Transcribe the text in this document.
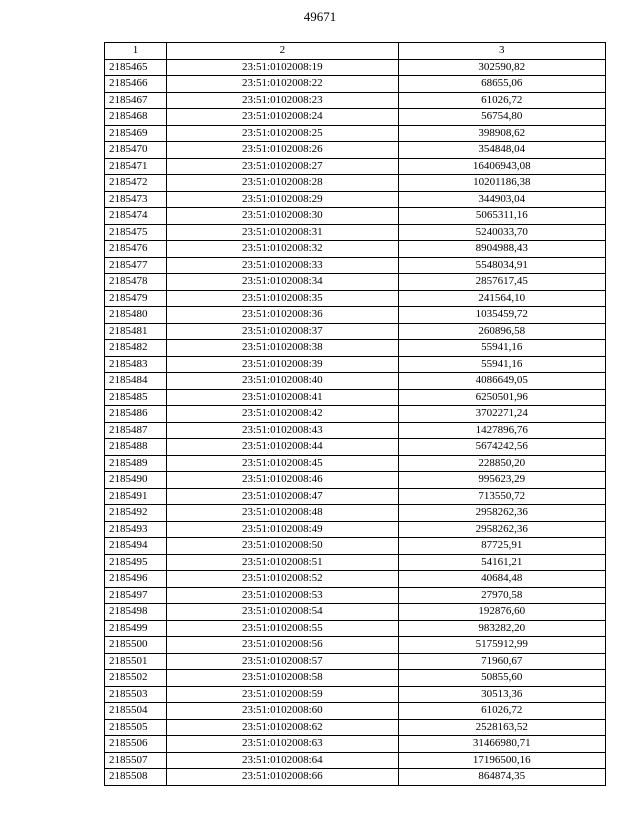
49671
1	2	3
2185465	23:51:0102008:19	302590,82
2185466	23:51:0102008:22	68655,06
2185467	23:51:0102008:23	61026,72
2185468	23:51:0102008:24	56754,80
2185469	23:51:0102008:25	398908,62
2185470	23:51:0102008:26	354848,04
2185471	23:51:0102008:27	16406943,08
2185472	23:51:0102008:28	10201186,38
2185473	23:51:0102008:29	344903,04
2185474	23:51:0102008:30	5065311,16
2185475	23:51:0102008:31	5240033,70
2185476	23:51:0102008:32	8904988,43
2185477	23:51:0102008:33	5548034,91
2185478	23:51:0102008:34	2857617,45
2185479	23:51:0102008:35	241564,10
2185480	23:51:0102008:36	1035459,72
2185481	23:51:0102008:37	260896,58
2185482	23:51:0102008:38	55941,16
2185483	23:51:0102008:39	55941,16
2185484	23:51:0102008:40	4086649,05
2185485	23:51:0102008:41	6250501,96
2185486	23:51:0102008:42	3702271,24
2185487	23:51:0102008:43	1427896,76
2185488	23:51:0102008:44	5674242,56
2185489	23:51:0102008:45	228850,20
2185490	23:51:0102008:46	995623,29
2185491	23:51:0102008:47	713550,72
2185492	23:51:0102008:48	2958262,36
2185493	23:51:0102008:49	2958262,36
2185494	23:51:0102008:50	87725,91
2185495	23:51:0102008:51	54161,21
2185496	23:51:0102008:52	40684,48
2185497	23:51:0102008:53	27970,58
2185498	23:51:0102008:54	192876,60
2185499	23:51:0102008:55	983282,20
2185500	23:51:0102008:56	5175912,99
2185501	23:51:0102008:57	71960,67
2185502	23:51:0102008:58	50855,60
2185503	23:51:0102008:59	30513,36
2185504	23:51:0102008:60	61026,72
2185505	23:51:0102008:62	2528163,52
2185506	23:51:0102008:63	31466980,71
2185507	23:51:0102008:64	17196500,16
2185508	23:51:0102008:66	864874,35
